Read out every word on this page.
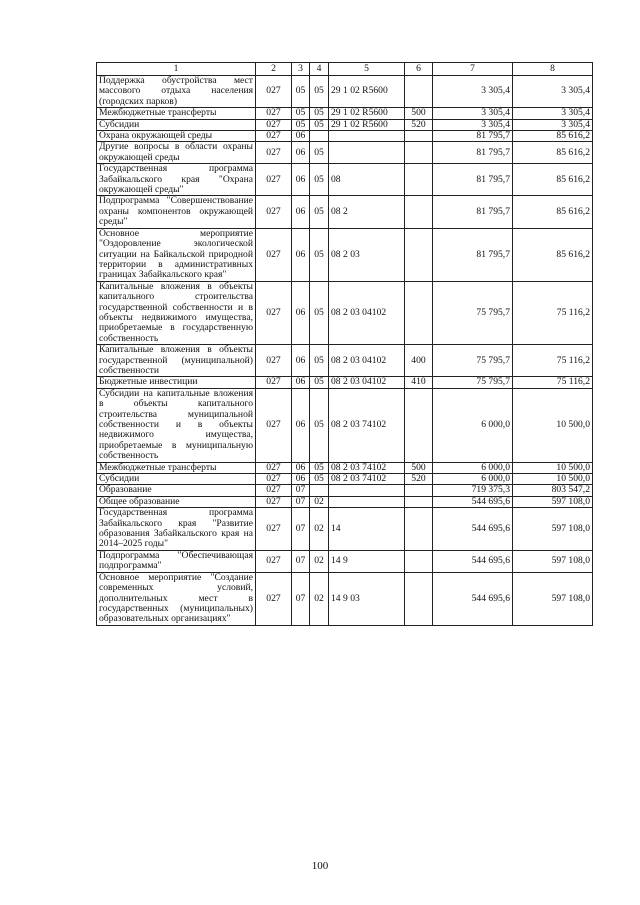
1	2	3	4	5	6	7	8
Поддержка обустройства мест массового отдыха населения (городских парков)	027	05	05	29 1 02 R5600		3 305,4	3 305,4
Межбюджетные трансферты	027	05	05	29 1 02 R5600	500	3 305,4	3 305,4
Субсидии	027	05	05	29 1 02 R5600	520	3 305,4	3 305,4
Охрана окружающей среды	027	06				81 795,7	85 616,2
Другие вопросы в области охраны окружающей среды	027	06	05			81 795,7	85 616,2
Государственная программа Забайкальского края "Охрана окружающей среды"	027	06	05	08		81 795,7	85 616,2
Подпрограмма "Совершенствование охраны компонентов окружающей среды"	027	06	05	08 2		81 795,7	85 616,2
Основное мероприятие "Оздоровление экологической ситуации на Байкальской природной территории в административных границах Забайкальского края"	027	06	05	08 2 03		81 795,7	85 616,2
Капитальные вложения в объекты капитального строительства государственной собственности и в объекты недвижимого имущества, приобретаемые в государственную собственность	027	06	05	08 2 03 04102		75 795,7	75 116,2
Капитальные вложения в объекты государственной (муниципальной) собственности	027	06	05	08 2 03 04102	400	75 795,7	75 116,2
Бюджетные инвестиции	027	06	05	08 2 03 04102	410	75 795,7	75 116,2
Субсидии на капитальные вложения в объекты капитального строительства муниципальной собственности и в объекты недвижимого имущества, приобретаемые в муниципальную собственность	027	06	05	08 2 03 74102		6 000,0	10 500,0
Межбюджетные трансферты	027	06	05	08 2 03 74102	500	6 000,0	10 500,0
Субсидии	027	06	05	08 2 03 74102	520	6 000,0	10 500,0
Образование	027	07				719 375,3	803 547,2
Общее образование	027	07	02			544 695,6	597 108,0
Государственная программа Забайкальского края "Развитие образования Забайкальского края на 2014–2025 годы"	027	07	02	14		544 695,6	597 108,0
Подпрограмма "Обеспечивающая подпрограмма"	027	07	02	14 9		544 695,6	597 108,0
Основное мероприятие "Создание современных условий, дополнительных мест в государственных (муниципальных) образовательных организациях"	027	07	02	14 9 03		544 695,6	597 108,0
100
